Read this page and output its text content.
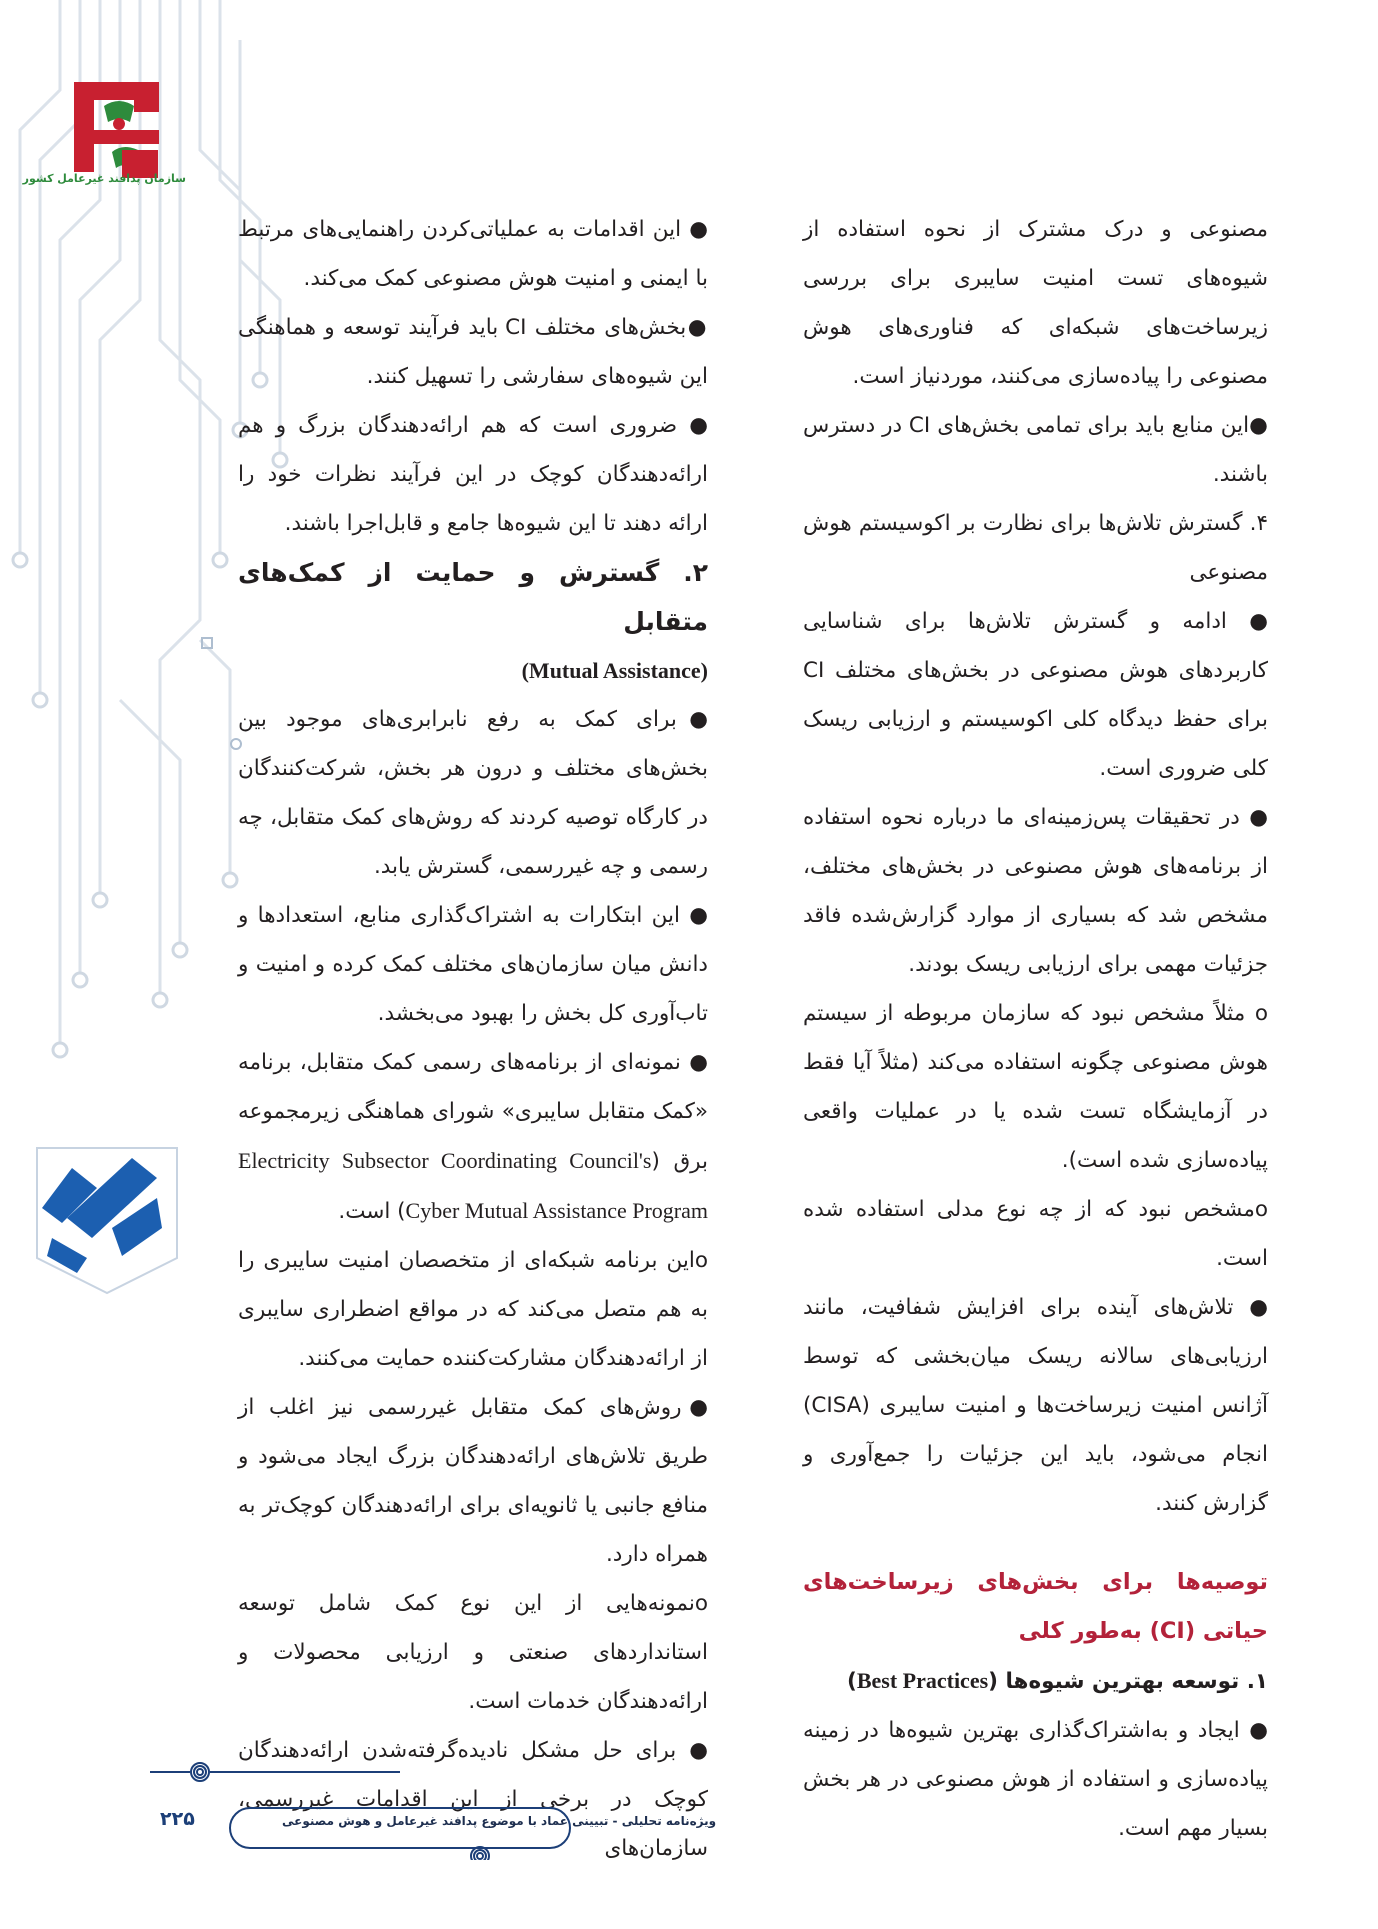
سازمان پدافند غیرعامل کشور

مصنوعی و درک مشترک از نحوه استفاده از شیوه‌های تست امنیت سایبری برای بررسی زیرساخت‌های شبکه‌ای که فناوری‌های هوش مصنوعی را پیاده‌سازی می‌کنند، موردنیاز است.

●این منابع باید برای تمامی بخش‌های CI در دسترس باشند.

۴. گسترش تلاش‌ها برای نظارت بر اکوسیستم هوش مصنوعی

● ادامه و گسترش تلاش‌ها برای شناسایی کاربردهای هوش مصنوعی در بخش‌های مختلف CI برای حفظ دیدگاه کلی اکوسیستم و ارزیابی ریسک کلی ضروری است.

● در تحقیقات پس‌زمینه‌ای ما درباره نحوه استفاده از برنامه‌های هوش مصنوعی در بخش‌های مختلف، مشخص شد که بسیاری از موارد گزارش‌شده فاقد جزئیات مهمی برای ارزیابی ریسک بودند.

o مثلاً مشخص نبود که سازمان مربوطه از سیستم هوش مصنوعی چگونه استفاده می‌کند (مثلاً آیا فقط در آزمایشگاه تست شده یا در عملیات واقعی پیاده‌سازی شده است).

oمشخص نبود که از چه نوع مدلی استفاده شده است.

● تلاش‌های آینده برای افزایش شفافیت، مانند ارزیابی‌های سالانه ریسک میان‌بخشی که توسط آژانس امنیت زیرساخت‌ها و امنیت سایبری (CISA) انجام می‌شود، باید این جزئیات را جمع‌آوری و گزارش کنند.

توصیه‌ها برای بخش‌های زیرساخت‌های حیاتی (CI) به‌طور کلی

۱. توسعه بهترین شیوه‌ها (Best Practices)

● ایجاد و به‌اشتراک‌گذاری بهترین شیوه‌ها در زمینه پیاده‌سازی و استفاده از هوش مصنوعی در هر بخش بسیار مهم است.

● این اقدامات به عملیاتی‌کردن راهنمایی‌های مرتبط با ایمنی و امنیت هوش مصنوعی کمک می‌کند.

●بخش‌های مختلف CI باید فرآیند توسعه و هماهنگی این شیوه‌های سفارشی را تسهیل کنند.

● ضروری است که هم ارائه‌دهندگان بزرگ و هم ارائه‌دهندگان کوچک در این فرآیند نظرات خود را ارائه دهند تا این شیوه‌ها جامع و قابل‌اجرا باشند.

۲. گسترش و حمایت از کمک‌های متقابل

(Mutual Assistance)

●برای کمک به رفع نابرابری‌های موجود بین بخش‌های مختلف و درون هر بخش، شرکت‌کنندگان در کارگاه توصیه کردند که روش‌های کمک متقابل، چه رسمی و چه غیررسمی، گسترش یابد.

● این ابتکارات به اشتراک‌گذاری منابع، استعدادها و دانش میان سازمان‌های مختلف کمک کرده و امنیت و تاب‌آوری کل بخش را بهبود می‌بخشد.

● نمونه‌ای از برنامه‌های رسمی کمک متقابل، برنامه «کمک متقابل سایبری» شورای هماهنگی زیرمجموعه برق (Electricity Subsector Coordinating Council's Cyber Mutual Assistance Program) است.

oاین برنامه شبکه‌ای از متخصصان امنیت سایبری را به هم متصل می‌کند که در مواقع اضطراری سایبری از ارائه‌دهندگان مشارکت‌کننده حمایت می‌کنند.

●روش‌های کمک متقابل غیررسمی نیز اغلب از طریق تلاش‌های ارائه‌دهندگان بزرگ ایجاد می‌شود و منافع جانبی یا ثانویه‌ای برای ارائه‌دهندگان کوچک‌تر به همراه دارد.

oنمونه‌هایی از این نوع کمک شامل توسعه استانداردهای صنعتی و ارزیابی محصولات و ارائه‌دهندگان خدمات است.

● برای حل مشکل نادیده‌گرفته‌شدن ارائه‌دهندگان کوچک در برخی از این اقدامات غیررسمی، سازمان‌های

۲۲۵	ویژه‌نامه تحلیلی - تبیینی عماد با موضوع پدافند غیرعامل و هوش مصنوعی
